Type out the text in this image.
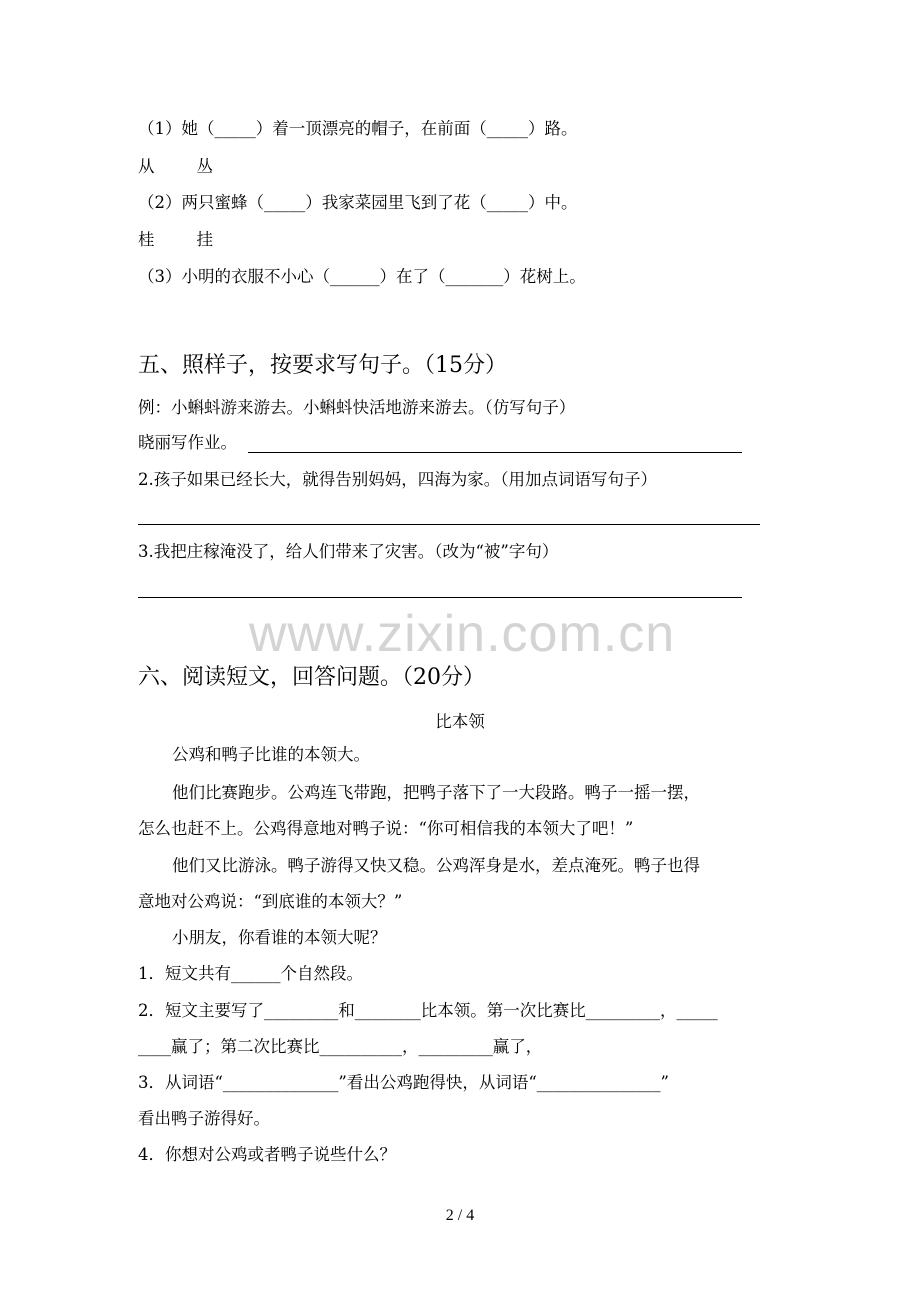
（1）她（_____）着一顶漂亮的帽子，在前面（_____）路。
从        丛
（2）两只蜜蜂（_____）我家菜园里飞到了花（_____）中。
桂        挂
（3）小明的衣服不小心（______）在了（_______）花树上。
五、照样子，按要求写句子。（15分）
例：小蝌蚪游来游去。小蝌蚪快活地游来游去。（仿写句子）
晓丽写作业。
2.孩子如果已经长大，就得告别妈妈，四海为家。（用加点词语写句子）
3.我把庄稼淹没了，给人们带来了灾害。（改为“被”字句）
www.zixin.com.cn
六、阅读短文，回答问题。（20分）
比本领
公鸡和鸭子比谁的本领大。
他们比赛跑步。公鸡连飞带跑，把鸭子落下了一大段路。鸭子一摇一摆，
怎么也赶不上。公鸡得意地对鸭子说：“你可相信我的本领大了吧！”
他们又比游泳。鸭子游得又快又稳。公鸡浑身是水，差点淹死。鸭子也得
意地对公鸡说：“到底谁的本领大？”
小朋友，你看谁的本领大呢？
1．短文共有______个自然段。
2．短文主要写了_________和________比本领。第一次比赛比_________，_____
____赢了；第二次比赛比__________，_________赢了，
3．从词语“______________”看出公鸡跑得快，从词语“_______________”
看出鸭子游得好。
4．你想对公鸡或者鸭子说些什么？
2 / 4
